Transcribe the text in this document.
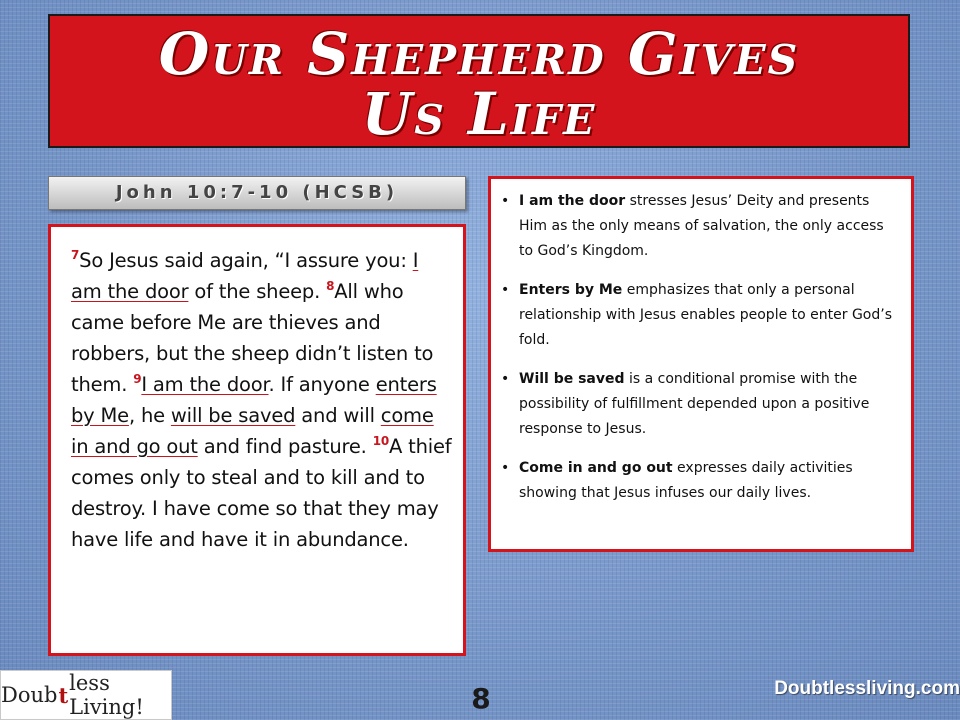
Our Shepherd Gives
Us Life
John 10:7-10 (HCSB)
$^7$So Jesus said again, “I assure you: I am the door of the sheep. $^8$All who came before Me are thieves and robbers, but the sheep didn’t listen to them. $^9$I am the door. If anyone enters by Me, he will be saved and will come in and go out and find pasture. $^{10}$A thief comes only to steal and to kill and to destroy. I have come so that they may have life and have it in abundance.
• I am the door stresses Jesus’ Deity and presents Him as the only means of salvation, the only access to God’s Kingdom.
• Enters by Me emphasizes that only a personal relationship with Jesus enables people to enter God’s fold.
• Will be saved is a conditional promise with the possibility of fulfillment depended upon a positive response to Jesus.
• Come in and go out expresses daily activities showing that Jesus infuses our daily lives.
Doub t less Living!	8	Doubtlessliving.com
